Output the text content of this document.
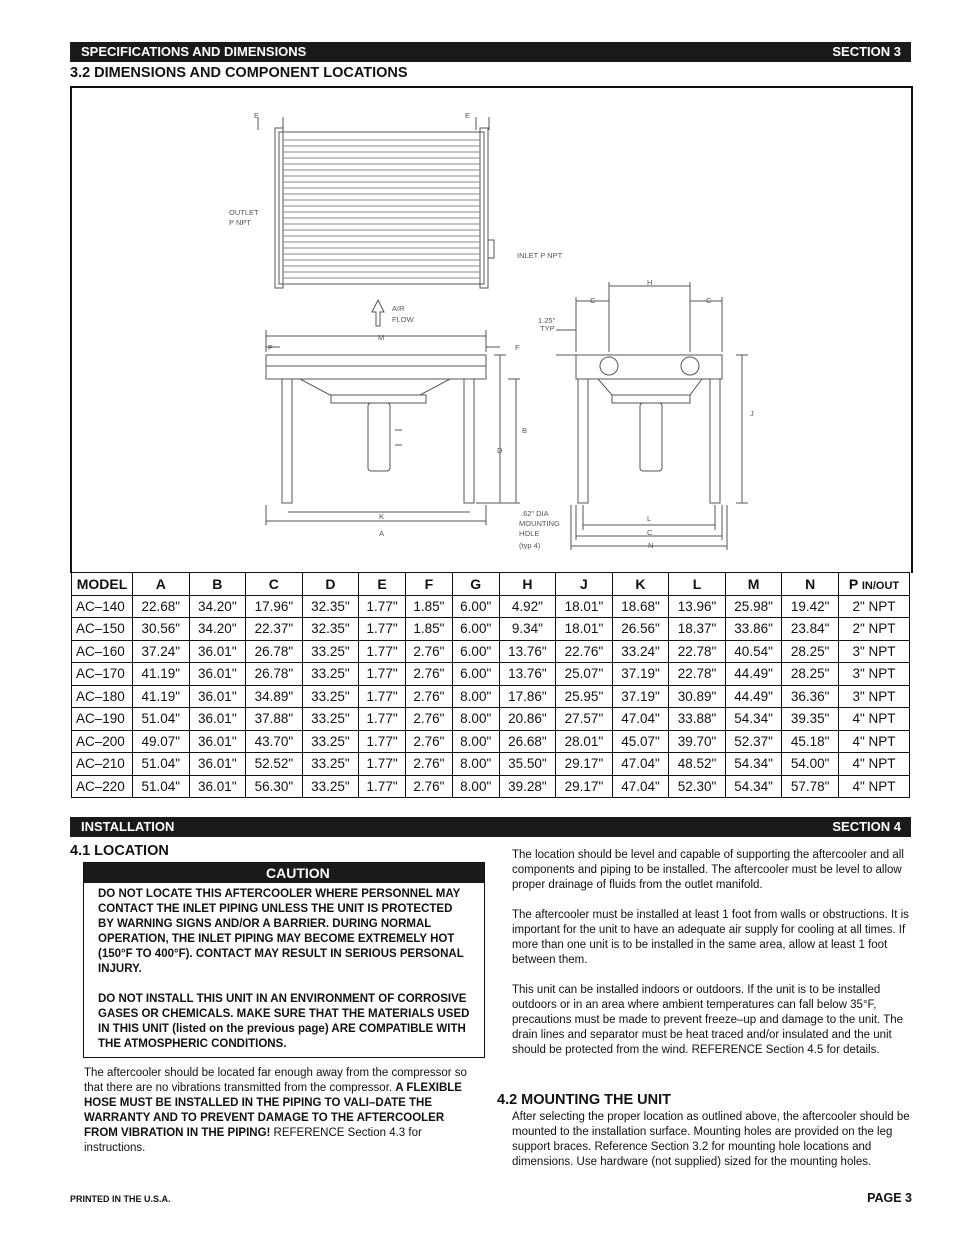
SPECIFICATIONS AND DIMENSIONS	SECTION 3
3.2 DIMENSIONS AND COMPONENT LOCATIONS
E	E
OUTLET
P NPT
INLET P NPT
AIR
FLOW
M
F	F
K
A
D
B
H
C	C
1.25"
TYP
J
L
C
N
.62" DIA
MOUNTING
HOLE
(typ 4)
MODEL	A	B	C	D	E	F	G	H	J	K	L	M	N	P IN/OUT
AC–140	22.68"	34.20"	17.96"	32.35"	1.77"	1.85"	6.00"	4.92"	18.01"	18.68"	13.96"	25.98"	19.42"	2" NPT
AC–150	30.56"	34.20"	22.37"	32.35"	1.77"	1.85"	6.00"	9.34"	18.01"	26.56"	18.37"	33.86"	23.84"	2" NPT
AC–160	37.24"	36.01"	26.78"	33.25"	1.77"	2.76"	6.00"	13.76"	22.76"	33.24"	22.78"	40.54"	28.25"	3" NPT
AC–170	41.19"	36.01"	26.78"	33.25"	1.77"	2.76"	6.00"	13.76"	25.07"	37.19"	22.78"	44.49"	28.25"	3" NPT
AC–180	41.19"	36.01"	34.89"	33.25"	1.77"	2.76"	8.00"	17.86"	25.95"	37.19"	30.89"	44.49"	36.36"	3" NPT
AC–190	51.04"	36.01"	37.88"	33.25"	1.77"	2.76"	8.00"	20.86"	27.57"	47.04"	33.88"	54.34"	39.35"	4" NPT
AC–200	49.07"	36.01"	43.70"	33.25"	1.77"	2.76"	8.00"	26.68"	28.01"	45.07"	39.70"	52.37"	45.18"	4" NPT
AC–210	51.04"	36.01"	52.52"	33.25"	1.77"	2.76"	8.00"	35.50"	29.17"	47.04"	48.52"	54.34"	54.00"	4" NPT
AC–220	51.04"	36.01"	56.30"	33.25"	1.77"	2.76"	8.00"	39.28"	29.17"	47.04"	52.30"	54.34"	57.78"	4" NPT
INSTALLATION	SECTION 4
4.1 LOCATION
CAUTION

DO NOT LOCATE THIS AFTERCOOLER WHERE PERSONNEL MAY CONTACT THE INLET PIPING UNLESS THE UNIT IS PROTECTED BY WARNING SIGNS AND/OR A BARRIER. DURING NORMAL OPERATION, THE INLET PIPING MAY BECOME EXTREMELY HOT (150°F TO 400°F). CONTACT MAY RESULT IN SERIOUS PERSONAL INJURY.

DO NOT INSTALL THIS UNIT IN AN ENVIRONMENT OF CORROSIVE GASES OR CHEMICALS. MAKE SURE THAT THE MATERIALS USED IN THIS UNIT (listed on the previous page) ARE COMPATIBLE WITH THE ATMOSPHERIC CONDITIONS.

The aftercooler should be located far enough away from the compressor so that there are no vibrations transmitted from the compressor. A FLEXIBLE HOSE MUST BE INSTALLED IN THE PIPING TO VALI–DATE THE WARRANTY AND TO PREVENT DAMAGE TO THE AFTERCOOLER FROM VIBRATION IN THE PIPING! REFERENCE Section 4.3 for instructions.

The location should be level and capable of supporting the aftercooler and all components and piping to be installed. The aftercooler must be level to allow proper drainage of fluids from the outlet manifold.

The aftercooler must be installed at least 1 foot from walls or obstructions. It is important for the unit to have an adequate air supply for cooling at all times. If more than one unit is to be installed in the same area, allow at least 1 foot between them.

This unit can be installed indoors or outdoors. If the unit is to be installed outdoors or in an area where ambient temperatures can fall below 35°F, precautions must be made to prevent freeze–up and damage to the unit. The drain lines and separator must be heat traced and/or insulated and the unit should be protected from the wind. REFERENCE Section 4.5 for details.

4.2 MOUNTING THE UNIT
After selecting the proper location as outlined above, the aftercooler should be mounted to the installation surface. Mounting holes are provided on the leg support braces. Reference Section 3.2 for mounting hole locations and dimensions. Use hardware (not supplied) sized for the mounting holes.
PRINTED IN THE U.S.A.	PAGE 3
